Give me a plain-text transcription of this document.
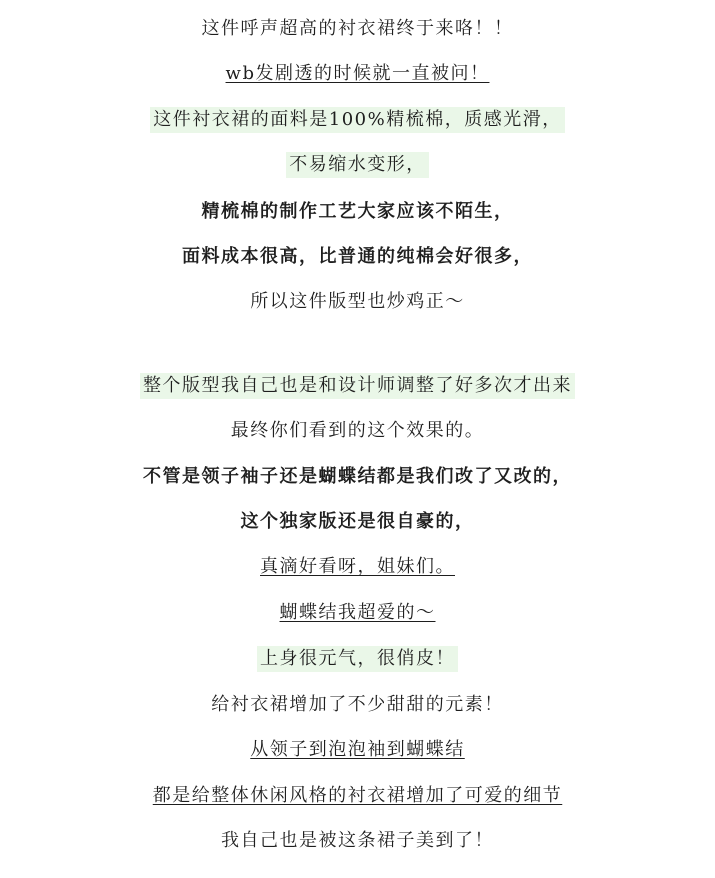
这件呼声超高的衬衣裙终于来咯！！
wb发剧透的时候就一直被问！
这件衬衣裙的面料是100%精梳棉，质感光滑，
不易缩水变形，
精梳棉的制作工艺大家应该不陌生，
面料成本很高，比普通的纯棉会好很多，
所以这件版型也炒鸡正～
整个版型我自己也是和设计师调整了好多次才出来
最终你们看到的这个效果的。
不管是领子袖子还是蝴蝶结都是我们改了又改的，
这个独家版还是很自豪的，
真滴好看呀，姐妹们。
蝴蝶结我超爱的～
上身很元气，很俏皮！
给衬衣裙增加了不少甜甜的元素！
从领子到泡泡袖到蝴蝶结
都是给整体休闲风格的衬衣裙增加了可爱的细节
我自己也是被这条裙子美到了！
